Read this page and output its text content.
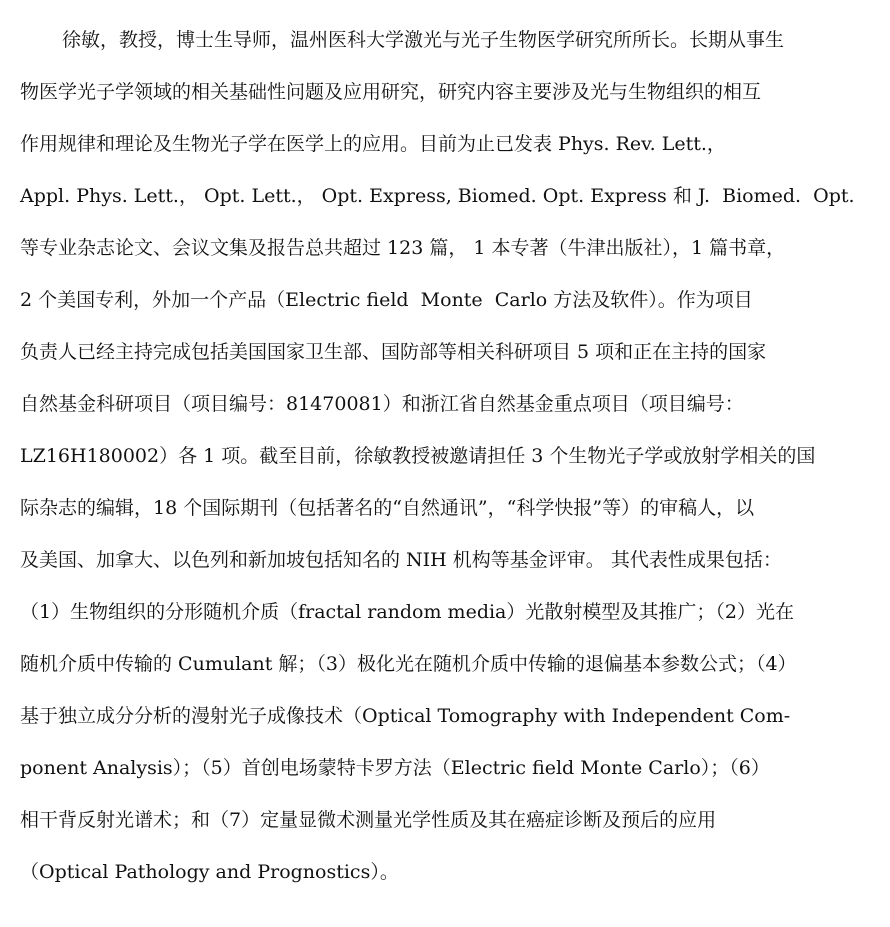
徐敏，教授，博士生导师，温州医科大学激光与光子生物医学研究所所长。长期从事生
物医学光子学领域的相关基础性问题及应用研究，研究内容主要涉及光与生物组织的相互
作用规律和理论及生物光子学在医学上的应用。目前为止已发表 Phys. Rev. Lett.，
Appl. Phys. Lett.， Opt. Lett.， Opt. Express, Biomed. Opt. Express 和 J.  Biomed.  Opt.
等专业杂志论文、会议文集及报告总共超过 123 篇， 1 本专著（牛津出版社），1 篇书章，
2 个美国专利，外加一个产品（Electric field  Monte  Carlo 方法及软件）。作为项目
负责人已经主持完成包括美国国家卫生部、国防部等相关科研项目 5 项和正在主持的国家
自然基金科研项目（项目编号：81470081）和浙江省自然基金重点项目（项目编号：
LZ16H180002）各 1 项。截至目前，徐敏教授被邀请担任 3 个生物光子学或放射学相关的国
际杂志的编辑，18 个国际期刊（包括著名的“自然通讯”，“科学快报”等）的审稿人，以
及美国、加拿大、以色列和新加坡包括知名的 NIH 机构等基金评审。 其代表性成果包括：
（1）生物组织的分形随机介质（fractal random media）光散射模型及其推广；（2）光在
随机介质中传输的 Cumulant 解；（3）极化光在随机介质中传输的退偏基本参数公式；（4）
基于独立成分分析的漫射光子成像技术（Optical Tomography with Independent Com-
ponent Analysis）；（5）首创电场蒙特卡罗方法（Electric field Monte Carlo）；（6）
相干背反射光谱术；和（7）定量显微术测量光学性质及其在癌症诊断及预后的应用
（Optical Pathology and Prognostics）。
